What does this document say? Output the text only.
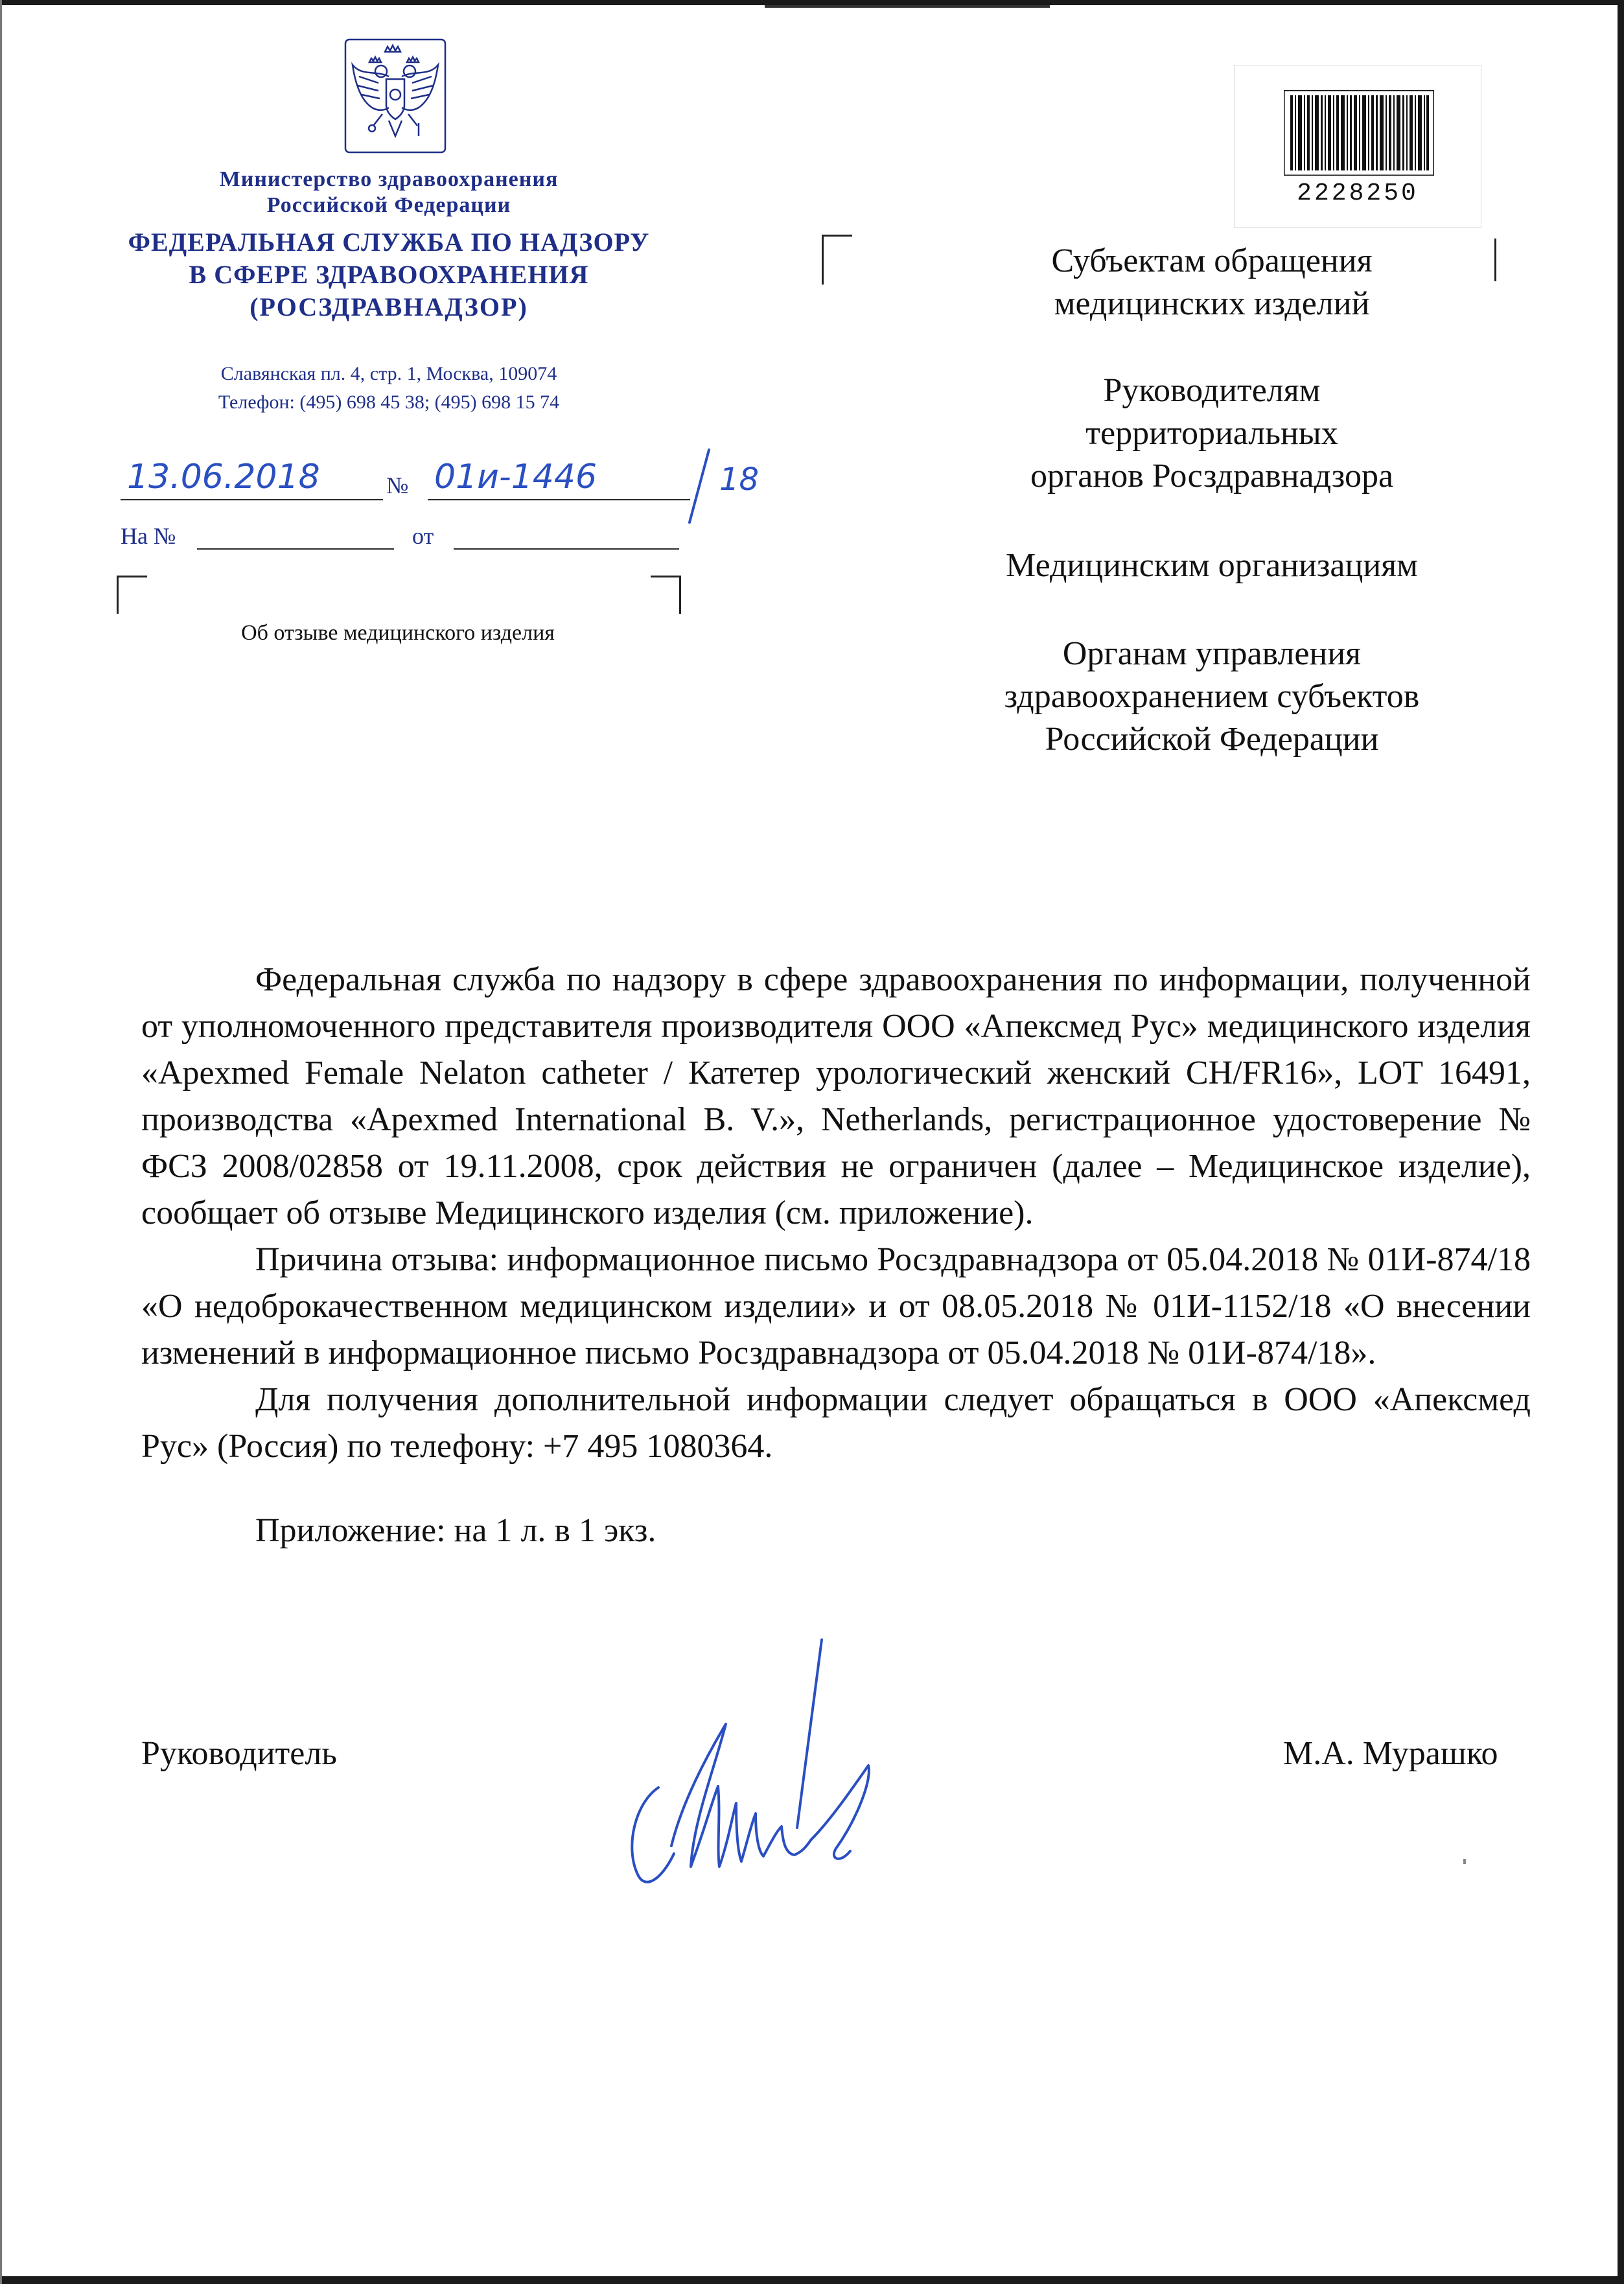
Министерство здравоохранения
Российской Федерации
ФЕДЕРАЛЬНАЯ СЛУЖБА ПО НАДЗОРУ
В СФЕРЕ ЗДРАВООХРАНЕНИЯ
(РОСЗДРАВНАДЗОР)
Славянская пл. 4, стр. 1, Москва, 109074
Телефон: (495) 698 45 38; (495) 698 15 74
13.06.2018	№ 01и-1446	18
На №	от
Об отзыве медицинского изделия
2228250
Субъектам обращения
медицинских изделий
Руководителям
территориальных
органов Росздравнадзора
Медицинским организациям
Органам управления
здравоохранением субъектов
Российской Федерации

Федеральная служба по надзору в сфере здравоохранения по информации, полученной от уполномоченного представителя производителя ООО «Апексмед Рус» медицинского изделия «Apexmed Female Nelaton catheter / Катетер урологический женский CH/FR16», LOT 16491, производства «Apexmed International B. V.», Netherlands, регистрационное удостоверение № ФСЗ 2008/02858 от 19.11.2008, срок действия не ограничен (далее – Медицинское изделие), сообщает об отзыве Медицинского изделия (см. приложение).

Причина отзыва: информационное письмо Росздравнадзора от 05.04.2018 № 01И-874/18 «О недоброкачественном медицинском изделии» и от 08.05.2018 № 01И-1152/18 «О внесении изменений в информационное письмо Росздравнадзора от 05.04.2018 № 01И-874/18».

Для получения дополнительной информации следует обращаться в ООО «Апексмед Рус» (Россия) по телефону: +7 495 1080364.

Приложение: на 1 л. в 1 экз.

Руководитель	М.А. Мурашко
